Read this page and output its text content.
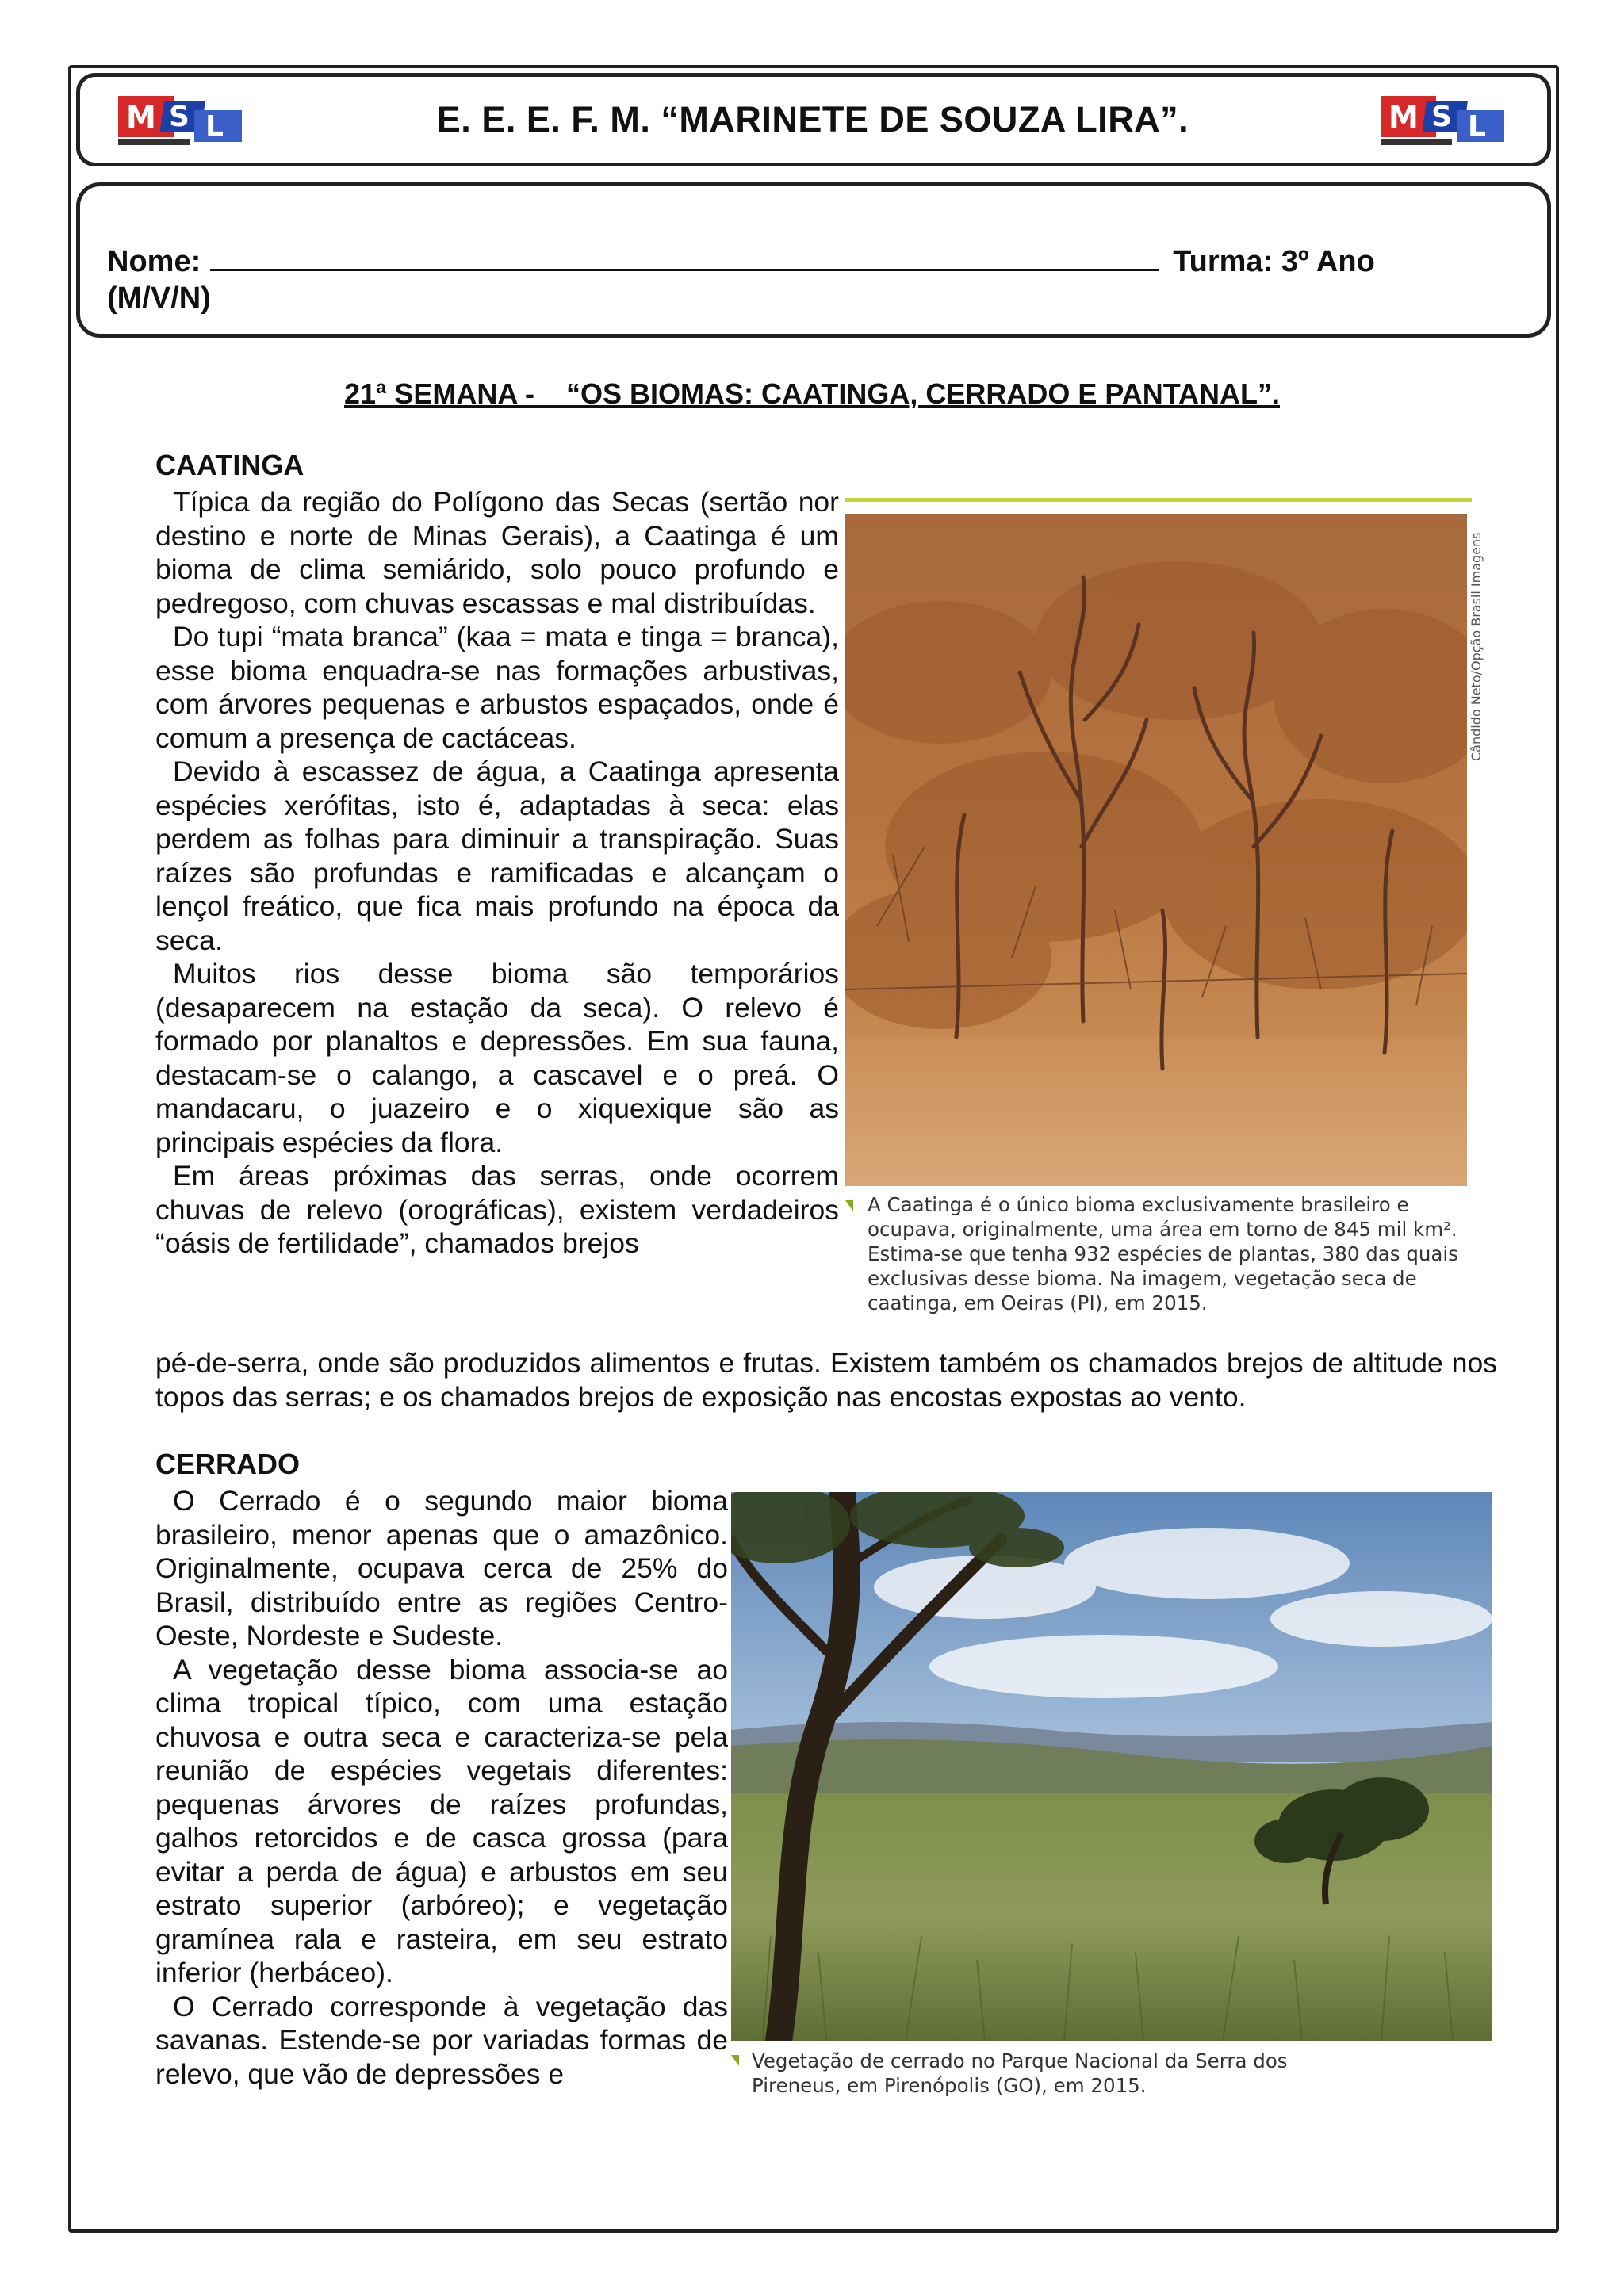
M S L	E. E. E. F. M. “MARINETE DE SOUZA LIRA”.	M S L
Nome:	Turma: 3º Ano
(M/V/N)
21ª SEMANA -    “OS BIOMAS: CAATINGA, CERRADO E PANTANAL”.
CAATINGA

Típica da região do Polígono das Secas (sertão nor destino e norte de Minas Gerais), a Caatinga é um bioma de clima semiárido, solo pouco profundo e pedregoso, com chuvas escassas e mal distribuídas.

Do tupi “mata branca” (kaa = mata e tinga = branca), esse bioma enquadra-se nas formações arbustivas, com árvores pequenas e arbustos espaçados, onde é comum a presença de cactáceas.

Devido à escassez de água, a Caatinga apresenta espécies xerófitas, isto é, adaptadas à seca: elas perdem as folhas para diminuir a transpiração. Suas raízes são profundas e ramificadas e alcançam o lençol freático, que fica mais profundo na época da seca.

Muitos rios desse bioma são temporários (desaparecem na estação da seca). O relevo é formado por planaltos e depressões. Em sua fauna, destacam-se o calango, a cascavel e o preá. O mandacaru, o juazeiro e o xiquexique são as principais espécies da flora.

Em áreas próximas das serras, onde ocorrem chuvas de relevo (orográficas), existem verdadeiros “oásis de fertilidade”, chamados brejos

pé-de-serra, onde são produzidos alimentos e frutas. Existem também os chamados brejos de altitude nos topos das serras; e os chamados brejos de exposição nas encostas expostas ao vento.
Cândido Neto/Opção Brasil Imagens
A Caatinga é o único bioma exclusivamente brasileiro e
ocupava, originalmente, uma área em torno de 845 mil km².
Estima-se que tenha 932 espécies de plantas, 380 das quais
exclusivas desse bioma. Na imagem, vegetação seca de
caatinga, em Oeiras (PI), em 2015.
CERRADO

O Cerrado é o segundo maior bioma brasileiro, menor apenas que o amazônico. Originalmente, ocupava cerca de 25% do Brasil, distribuído entre as regiões Centro-Oeste, Nordeste e Sudeste.

A vegetação desse bioma associa-se ao clima tropical típico, com uma estação chuvosa e outra seca e caracteriza-se pela reunião de espécies vegetais diferentes: pequenas árvores de raízes profundas, galhos retorcidos e de casca grossa (para evitar a perda de água) e arbustos em seu estrato superior (arbóreo); e vegetação gramínea rala e rasteira, em seu estrato inferior (herbáceo).

O Cerrado corresponde à vegetação das savanas. Estende-se por variadas formas de relevo, que vão de depressões e	Vegetação de cerrado no Parque Nacional da Serra dos
Pireneus, em Pirenópolis (GO), em 2015.
